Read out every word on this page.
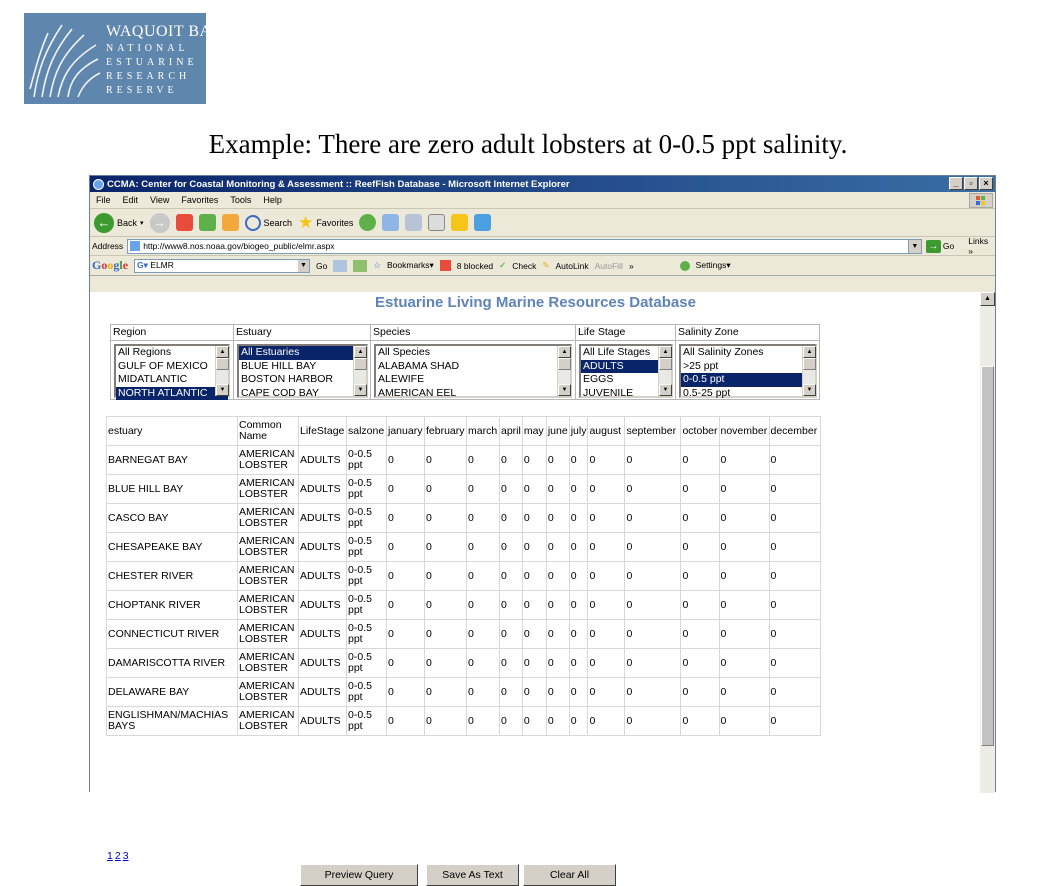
WAQUOIT BAY
NATIONAL
ESTUARINE
RESEARCH
RESERVE
Example: There are zero adult lobsters at 0-0.5 ppt salinity.
CCMA: Center for Coastal Monitoring & Assessment :: ReefFish Database - Microsoft Internet Explorer	_	▫	×
File Edit View Favorites Tools Help
← Back ▾ →	Search ★ Favorites
Address http://www8.nos.noaa.gov/biogeo_public/elmr.aspx	▼ → Go Links »
Google	G▾ ELMR	▼ Go	☆ Bookmarks▾	8 blocked ✓ Check ✎ AutoLink AutoFill »	Settings▾
Estuarine Living Marine Resources Database
Region
All Regions
GULF OF MEXICO
MIDATLANTIC
NORTH ATLANTIC
▲
▼
Estuary
All Estuaries
BLUE HILL BAY
BOSTON HARBOR
CAPE COD BAY
▲
▼
Species
All Species
ALABAMA SHAD
ALEWIFE
AMERICAN EEL
▲
▼
Life Stage
All Life Stages
ADULTS
EGGS
JUVENILE
▲
▼
Salinity Zone
All Salinity Zones
>25 ppt
0-0.5 ppt
0.5-25 ppt
▲
▼
estuary	Common Name	LifeStage	salzone	january	february	march	april	may	june	july	august	september	october	november	december
BARNEGAT BAY	AMERICAN LOBSTER	ADULTS	0-0.5 ppt	0	0	0	0	0	0	0	0	0	0	0	0
BLUE HILL BAY	AMERICAN LOBSTER	ADULTS	0-0.5 ppt	0	0	0	0	0	0	0	0	0	0	0	0
CASCO BAY	AMERICAN LOBSTER	ADULTS	0-0.5 ppt	0	0	0	0	0	0	0	0	0	0	0	0
CHESAPEAKE BAY	AMERICAN LOBSTER	ADULTS	0-0.5 ppt	0	0	0	0	0	0	0	0	0	0	0	0
CHESTER RIVER	AMERICAN LOBSTER	ADULTS	0-0.5 ppt	0	0	0	0	0	0	0	0	0	0	0	0
CHOPTANK RIVER	AMERICAN LOBSTER	ADULTS	0-0.5 ppt	0	0	0	0	0	0	0	0	0	0	0	0
CONNECTICUT RIVER	AMERICAN LOBSTER	ADULTS	0-0.5 ppt	0	0	0	0	0	0	0	0	0	0	0	0
DAMARISCOTTA RIVER	AMERICAN LOBSTER	ADULTS	0-0.5 ppt	0	0	0	0	0	0	0	0	0	0	0	0
DELAWARE BAY	AMERICAN LOBSTER	ADULTS	0-0.5 ppt	0	0	0	0	0	0	0	0	0	0	0	0
ENGLISHMAN/MACHIAS BAYS	AMERICAN LOBSTER	ADULTS	0-0.5 ppt	0	0	0	0	0	0	0	0	0	0	0	0
1 2 3
Preview Query	Save As Text	Clear All
▲
